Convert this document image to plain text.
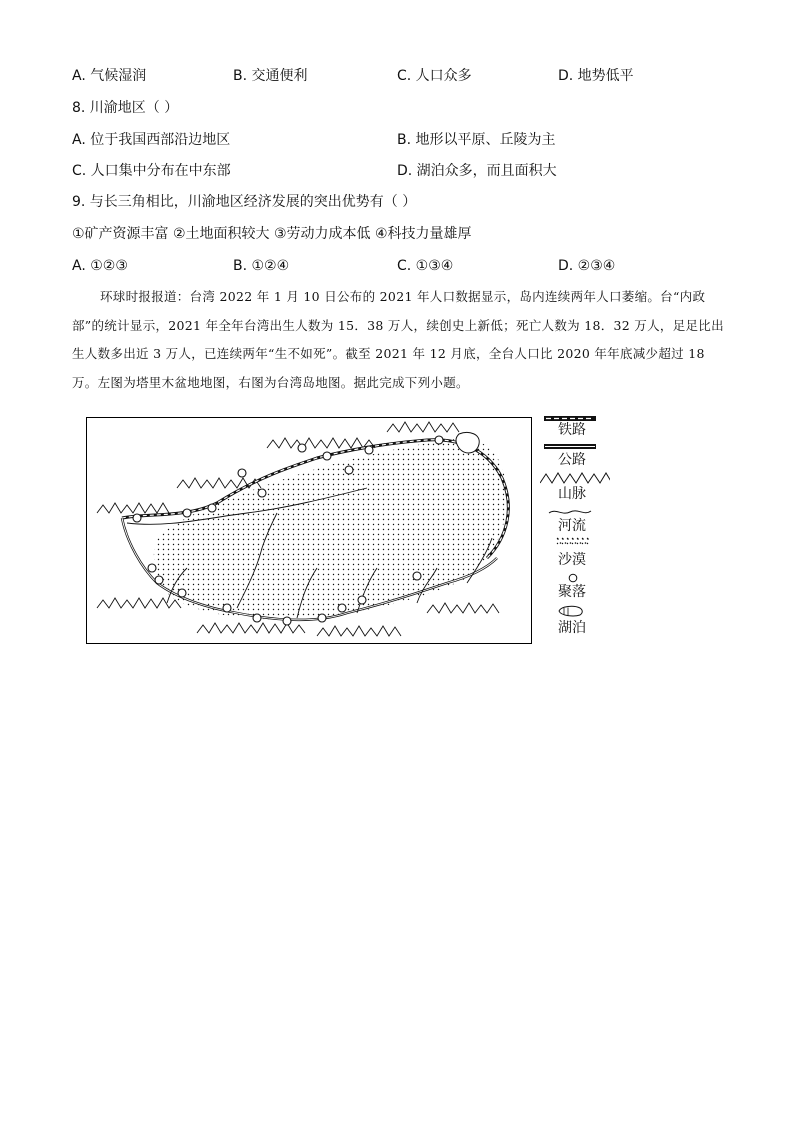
A. 气候湿润	B. 交通便利	C. 人口众多	D. 地势低平
8. 川渝地区（ ）
A. 位于我国西部沿边地区	B. 地形以平原、丘陵为主
C. 人口集中分布在中东部	D. 湖泊众多，而且面积大
9. 与长三角相比，川渝地区经济发展的突出优势有（ ）
①矿产资源丰富 ②土地面积较大 ③劳动力成本低 ④科技力量雄厚
A. ①②③	B. ①②④	C. ①③④	D. ②③④
环球时报报道：台湾 2022 年 1 月 10 日公布的 2021 年人口数据显示，岛内连续两年人口萎缩。台“内政部”的统计显示，2021 年全年台湾出生人数为 15．38 万人，续创史上新低；死亡人数为 18．32 万人，足足比出生人数多出近 3 万人，已连续两年“生不如死”。截至 2021 年 12 月底，全台人口比 2020 年年底减少超过 18 万。左图为塔里木盆地地图，右图为台湾岛地图。据此完成下列小题。
铁路
公路
山脉
河流
沙漠
聚落
湖泊
